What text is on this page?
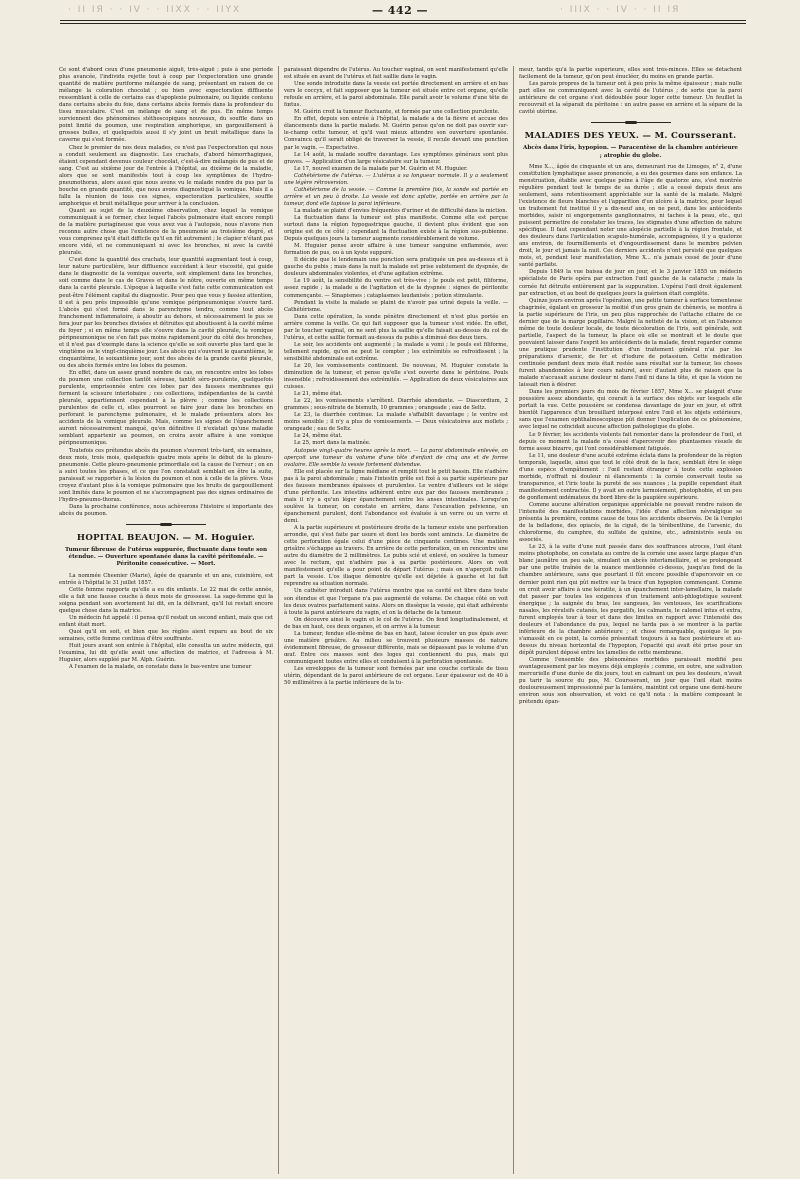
· II IЯ · · IV · · IIXX · · IIYX	· IIIX · · IV · · II IЯ
— 442 —

Ce sont d'abord ceux d'une pneumonie aiguë, très-aiguë ; puis à une période plus avancée, l'individu rejette tout à coup par l'expectoration une grande quantité de matière puriforme mélangée de sang, présentant en raison de ce mélange la coloration chocolat ; ou bien avec expectoration diffluente ressemblant à celle de certains cas d'apoplexie pulmonaire, ou liquide contenu dans certains abcès du foie, dans certains abcès formés dans la profondeur du tissu musculaire. C'est un mélange de sang et de pus. En même temps surviennent des phénomènes stéthoscopiques nouveaux, du souffle dans un point limité du poumon, une respiration amphorique, un gargouillement à grosses bulles, et quelquefois aussi il s'y joint un bruit métallique dans la caverne qui s'est formée.

Chez le premier de nos deux malades, ce n'est pas l'expectoration qui nous a conduit seulement au diagnostic. Les crachats, d'abord hémorrhagiques, étaient cependant devenus couleur chocolat, c'est-à-dire mélangés de pus et de sang. C'est au sixième jour de l'entrée à l'hôpital, au dixième de la maladie, alors que se sont manifestés tout à coup les symptômes de l'hydro-pneumothorax, alors aussi que nous avons vu le malade rendre du pus par la bouche en grande quantité, que nous avons diagnostiqué la vomique. Mais il a fallu la réunion de tous ces signes, expectoration particulière, souffle amphorique et bruit métallique pour arriver à la conclusion.

Quant au sujet de la deuxième observation, chez lequel la vomique communiquait à se former, chez lequel l'abcès pulmonaire était encore rempli de la matière puriagineuse que vous avez vue à l'autopsie, nous n'avons rien reconnu autre chose que l'existence de la pneumonie au troisième degré, et vous comprenez qu'il était difficile qu'il en fût autrement ; le clapier n'étant pas encore vidé, et ne communiquant ni avec les bronches, ni avec la cavité pleurale.

C'est donc la quantité des crachats, leur quantité augmentant tout à coup, leur nature particulière, leur diffluence succédant à leur viscosité, qui guide dans le diagnostic de la vomique ouverte, soit simplement dans les bronches, soit comme dans le cas de Graves et dans le nôtre, ouverte en même temps dans la cavité pleurale. L'époque à laquelle s'est faite cette communication est peut-être l'élément capital du diagnostic. Pour peu que vous y fassiez attention, il est à peu près impossible qu'une vomique péripneumonique s'ouvre tard. L'abcès qui s'est formé dans le parenchyme tendra, comme tout abcès franchement inflammatoire, à aboutir au dehors, et nécessairement le pus se fera jour par les bronches divisées et détruites qui aboutissent à la cavité même du foyer ; si en même temps elle s'ouvre dans la cavité pleurale, la vomique péripneumonique ne s'en fait pas moins rapidement jour du côté des bronches, et il n'est pas d'exemple dans la science qu'elle se soit ouverte plus tard que le vingtième ou le vingt-cinquième jour. Les abcès qui s'ouvrent le quarantième, le cinquantième, le soixantième jour, sont des abcès de la grande cavité pleurale, ou des abcès formés entre les lobes du poumon.

En effet, dans un assez grand nombre de cas, on rencontre entre les lobes du poumon une collection tantôt séreuse, tantôt séro-purulente, quelquefois purulente, emprisonnée entre ces lobes par des fausses membranes qui forment la scissure interlobaire ; ces collections, indépendantes de la cavité pleurale, appartiennent cependant à la plèvre ; comme les collections purulentes de celle ci, elles pourront se faire jour dans les bronches en perforant le parenchyme pulmonaire, et le malade présentera alors les accidents de la vomique pleurale. Mais, comme les signes de l'épanchement auront nécessairement manqué, qu'en définitive il n'existait qu'une maladie semblant appartenir au poumon, on croira avoir affaire à une vomique péripneumonique.

Toutefois ces prétendus abcès du poumon s'ouvrent très-tard, six semaines, deux mois, trois mois, quelquefois quatre mois après le début de la pleuro-pneumonie. Cette pleuro-pneumonie primordiale est la cause de l'erreur ; on en a suivi toutes les phases, et ce que l'on constatait semblait en être la suite, paraissait se rapporter à la lésion du poumon et non à celle de la plèvre. Vous croyez d'autant plus à la vomique pulmonaire que les bruits de gargouillement sont limités dans le poumon et ne s'accompagnent pas des signes ordinaires de l'hydro-pneumo-thorax.

Dans la prochaine conférence, nous achèverons l'histoire si importante des abcès du poumon.

HOPITAL BEAUJON. — M. Hoguier.
Tumeur fibreuse de l'utérus suppurée, fluctuante dans toute son étendue. — Ouverture spontanée dans la cavité péritonéale. — Péritonite consécutive. — Mort.

La nommée Cheenier (Marie), âgée de quarante et un ans, cuisinière, est entrée à l'hôpital le 31 juillet 1857.

Cette femme rapporte qu'elle a eu dix enfants. Le 22 mai de cette année, elle a fait une fausse couche à deux mois de grossesse. La sage-femme qui la soigna pendant son avortement lui dit, en la délivrant, qu'il lui restait encore quelque chose dans la matrice.

Un médecin fut appelé : il pensa qu'il restait un second enfant, mais que cet enfant était mort.

Quoi qu'il en soit, et bien que les règles aient reparu au bout de six semaines, cette femme continua d'être souffrante.

Huit jours avant son entrée à l'hôpital, elle consulta un autre médecin, qui l'examina, lui dit qu'elle avait une affection de matrice, et l'adressa à M. Huguier, alors suppléé par M. Alph. Guérin.

A l'examen de la malade, on constate dans le bas-ventre une tumeur

paraissant dépendre de l'utérus. Au toucher vaginal, on sent manifestement qu'elle est située en avant de l'utérus et fait saillie dans le vagin.

Une sonde introduite dans la vessie est portée directement en arrière et en bas vers le coccyx, et fait supposer que la tumeur est située entre cet organe, qu'elle refoule en arrière, et la paroi abdominale. Elle paraît avoir le volume d'une tête de fœtus.

M. Guérin croit la tumeur fluctuante, et formée par une collection purulente.

En effet, depuis son entrée à l'hôpital, la malade a de la fièvre et accuse des élancements dans la partie malade. M. Guérin pense qu'on ne doit pas ouvrir sur-le-champ cette tumeur, et qu'il vaut mieux attendre son ouverture spontanée. Convaincu qu'il serait obligé de traverser la vessie, il recule devant une ponction par le vagin. — Expectative.

Le 14 août, la malade souffre davantage. Les symptômes généraux sont plus graves. — Application d'un large vésicatoire sur la tumeur.

Le 17, nouvel examen de la malade par M. Guérin et M. Huguier.

Cathétérisme de l'utérus. — L'utérus a sa longueur normale. Il y a seulement une légère rétroversion.

Cathétérisme de la vessie. — Comme la première fois, la sonde est portée en arrière et un peu à droite. La vessie est donc aplatie, portée en arrière par la tumeur, dont elle tapisse la paroi inférieure.

La malade se plaint d'envies fréquentes d'uriner et de difficulté dans la miction.

La fluctuation dans la tumeur est plus manifeste. Comme elle est perçue surtout dans la région hypogastrique gauche, il devient plus évident que son origine est de ce côté ; cependant la fluctuation existe à la région sus-pubienne. Depuis quelques jours la tumeur augmente considérablement de volume.

M. Huguier pense avoir affaire à une tumeur sanguine enflammée, avec formation de pus, ou à un kyste suppuré.

Il décide que le lendemain une ponction sera pratiquée un peu au-dessus et à gauche du pubis ; mais dans la nuit la malade est prise subitement de dyspnée, de douleurs abdominales violentes, et d'une agitation extrême.

Le 19 août, la sensibilité du ventre est très-vive ; le pouls est petit, filiforme, assez rapide ; la malade a de l'agitation et de la dyspnée : signes de péritonite commençante. — Sinapismes ; cataplasmes laudanisés ; potion stimulante.

Pendant la visite la malade se plaint de n'avoir pas uriné depuis la veille. — Cathétérisme.

Dans cette opération, la sonde pénètre directement et n'est plus portée en arrière comme la veille. Ce qui fait supposer que la tumeur s'est vidée. En effet, par le toucher vaginal, on ne sent plus la saillie qu'elle faisait au-dessus du col de l'utérus, et cette saillie formait au-dessus du pubis a diminué des deux tiers.

Le soir, les accidents ont augmenté ; la malade a vomi ; le pouls est filiforme, tellement rapide, qu'on ne peut le compter ; les extrémités se refroidissent ; la sensibilité abdominale est extrême.

Le 20, les vomissements continuent. De nouveau, M. Huguier constate la diminution de la tumeur, et pense qu'elle s'est ouverte dans le péritoine. Pouls insensible ; refroidissement des extrémités. — Application de deux vésicatoires aux cuisses.

Le 21, même état.

Le 22, les vomissements s'arrêtent. Diarrhée abondante. — Diascordium, 2 grammes ; sous-nitrate de bismuth, 10 grammes ; orangeade ; eau de Seltz.

Le 23, la diarrhée continue. La malade s'affaiblit davantage ; le ventre est moins sensible ; il n'y a plus de vomissements. — Deux vésicatoires aux mollets ; orangeade ; eau de Seltz.

Le 24, même état.

Le 25, mort dans la matinée.

Autopsie vingt-quatre heures après la mort. — La paroi abdominale enlevée, on aperçoit une tumeur du volume d'une tête d'enfant de cinq ans et de forme ovalaire. Elle semble la vessie fortement distendue.

Elle est placée sur la ligne médiane et remplit tout le petit bassin. Elle n'adhère pas à la paroi abdominale ; mais l'intestin grêle est fixé à sa partie supérieure par des fausses membranes épaisses et purulentes. Le ventre d'ailleurs est le siége d'une péritonite. Les intestins adhèrent entre eux par des fausses membranes ; mais il n'y a qu'un léger épanchement entre les anses intestinales. Lorsqu'on soulève la tumeur, on constate en arrière, dans l'excavation pelvienne, un épanchement purulent, dont l'abondance est évaluée à un verre ou un verre et demi.

A la partie supérieure et postérieure droite de la tumeur existe une perforation arrondie, qui s'est faite par usure et dont les bords sont amincis. Le diamètre de cette perforation égale celui d'une pièce de cinquante centimes. Une matière grisâtre s'échappe au travers. En arrière de cette perforation, on en rencontre une autre du diamètre de 2 millimètres. Le pubis scié et enlevé, on soulève la tumeur avec le rectum, qui n'adhère pas à sa partie postérieure. Alors on voit manifestement qu'elle a pour point de départ l'utérus ; mais on n'aperçoit nulle part la vessie. L'os iliaque démontre qu'elle est déjetée à gauche et lui fait reprendre sa situation normale.

Un cathéter introduit dans l'utérus montre que sa cavité est libre dans toute son étendue et que l'organe n'a pas augmenté de volume. De chaque côté on voit les deux ovaires parfaitement sains. Alors on dissèque la vessie, qui était adhérente à toute la paroi antérieure du vagin, et on la détache de la tumeur.

On découvre ainsi le vagin et le col de l'utérus. On fend longitudinalement, et de bas en haut, ces deux organes, et on arrive à la tumeur.

La tumeur, fendue elle-même de bas en haut, laisse écouler un pus épais avec une matière grisâtre. Au milieu se trouvent plusieurs masses de nature évidemment fibreuse, de grosseur différente, mais se dépassant pas le volume d'un œuf. Entre ces masses sont des loges qui contiennent du pus, mais qui communiquent toutes entre elles et conduisent à la perforation spontanée.

Les enveloppes de la tumeur sont formées par une couche corticale de tissu utérin, dépendant de la paroi antérieure de cet organe. Leur épaisseur est de 40 à 50 millimètres à la partie inférieure de la tu-

meur, tandis qu'à la partie supérieure, elles sont très-minces. Elles se détachent facilement de la tumeur, qu'on peut énucléer, du moins en grande partie.

Les parois propres de la tumeur ont à peu près la même épaisseur ; mais nulle part elles ne communiquent avec la cavité de l'utérus ; de sorte que la paroi antérieure de cet organe s'est dédoublée pour loger cette tumeur. Un feuillet la recouvrait et la séparait du péritoine : un autre passe en arrière et la sépare de la cavité utérine.

MALADIES DES YEUX. — M. Coursserant.
Abcès dans l'iris, hypopion. — Paracentèse de la chambre antérieure ; atrophie du globe.

Mme X..., âgée de cinquante et un ans, demeurant rue de Limoges, n° 2, d'une constitution lymphatique assez prononcée, a eu des gourmes dans son enfance. La menstruation, établie avec quelque peine à l'âge de quatorze ans, s'est montrée régulière pendant tout le temps de sa durée ; elle a cessé depuis deux ans seulement, sans retentissement appréciable sur la santé de la malade. Malgré l'existence de fleurs blanches et l'apparition d'un ulcère à la matrice, pour lequel un traitement fut institué il y a dix-neuf ans, on ne peut, dans les antécédents morbides, saisir ni engorgements ganglionnaires, ni taches à la peau, etc., qui puissent permettre de constater les traces, les stigmates d'une affection de nature spécifique. Il faut cependant noter une alopécie partielle à la région frontale, et des douleurs dans l'articulation scapulo-humérale, accompagnées, il y a quatorze ans environ, de fourmillements et d'engourdissement dans le membre pelvien droit, le jour et jamais la nuit. Ces derniers accidents n'ont persisté que quelques mois, et, pendant leur manifestation, Mme X... n'a jamais cessé de jouir d'une santé parfaite.

Depuis 1849 la vue baissa de jour en jour, et le 3 janvier 1855 un médecin spécialiste de Paris opéra par extraction l'œil gauche de la cataracte ; mais la cornée fut détruite entièrement par la suppuration. L'opérai l'œil droit également par extraction, et au bout de quelques jours la guérison était complète.

Quinze jours environ après l'opération, une petite tumeur à surface tomenteuse chagrinée, égalant en grosseur la moitié d'un gros grain de chènevis, se montra à la partie supérieure de l'iris, un peu plus rapprochée de l'attache ciliaire de ce dernier que de la marge pupillaire. Malgré la netteté de la vision, et en l'absence même de toute douleur locale, de toute décoloration de l'iris, soit générale, soit partielle, l'aspect de la tumeur, la place où elle se montrait et le doute que pouvaient laisser dans l'esprit les antécédents de la malade, firent regarder comme une pratique prudente l'institution d'un traitement général n'ai par les préparations d'arsenic, de fer et d'iodure de potassium. Cette médication continuée pendant deux mois était restée sans résultat sur la tumeur, les choses furent abandonnées à leur cours naturel, avec d'autant plus de raison que la malade n'accusait aucune douleur ni dans l'œil ni dans la tête, et que la vision ne laissait rien à désirer.

Dans les premiers jours du mois de février 1857, Mme X... se plaignit d'une poussière assez abondante, qui courait à la surface des objets sur lesquels elle portait la vue. Cette poussière se condensa davantage de jour en jour, et offrit bientôt l'apparence d'un brouillard interposé entre l'œil et les objets extérieurs, sans que l'examen ophthalmoscopique pût donner l'explication de ce phénomène, avec lequel ne coïncidait aucune affection pathologique du globe.

Le 9 février, les accidents violents fait remonter dans la profondeur de l'œil, et depuis ce moment la malade n'a cessé d'apercevoir des phantasmes visuels de forme assez bizarre, qui l'ont considérablement fatiguée.

Le 11, une douleur d'une acuité extrême éclata dans la profondeur de la région temporale, laquelle, ainsi que tout le côté droit de la face, semblait être le siège d'une espèce d'empâtement : l'œil restant étranger à toute cette explosion morbide, n'offrait ni douleur ni élancements : la cornée conservait toute sa transparence, et l'iris toute la pureté de ses nuances ; la pupille cependant était manifestement contractée. Il y avait en outre larmoiement, photophobie, et un peu de gonflement œdémateux du bord libre de la paupière supérieure.

Comme aucune altération organique appréciable ne pouvait rendre raison de l'intensité des manifestations morbides, l'idée d'une affection névralgique se présenta la première, comme cause de tous les accidents observés. De là l'emploi de la belladone, des opiacés, de la ciguë, de la térébenthine, de l'arsenic, du chloroforme, du camphre, du sulfate de quinine, etc., administrés seuls ou associés.

Le 23, à la suite d'une nuit passée dans des souffrances atroces, l'œil étant moins photophobe, on constata au centre de la cornée une assez large plaque d'un blanc jaunâtre un peu sale, simulant un abcès interlamellaire, et se prolongeant par une petite traînée de la nuance mentionnée ci-dessus, jusqu'au fond de la chambre antérieure, sans que pourtant il fût encore possible d'apercevoir en ce dernier point rien qui pût mettre sur la trace d'un hypopion commençant. Comme on croit avoir affaire à une kératite, à un épanchement inter-lamellaire, la malade dut passer par toutes les exigences d'un traitement anti-phlogistique souvent énergique ; la saignée du bras, les sangsues, les ventouses, les scarifications nasales, les révulsifs cutanés, les purgatifs, les calmants, le calomel intus et extra, furent employés tour à tour et dans des limites en rapport avec l'intensité des douleurs et l'abondance du pus, lequel ne tarda pas à se montrer à la partie inférieure de la chambre antérieure ; et chose remarquable, quoique le pus s'amassât en ce point, la cornée présentait toujours à sa face postérieure et au-dessus du niveau horizontal de l'hypopion, l'opacité qui avait été prise pour un dépôt purulent déposé entre les lamelles de cette membrane.

Comme l'ensemble des phénomènes morbides paraissait modifié peu avantageusement par les moyens déjà employés ; comme, en outre, une salivation mercurielle d'une durée de dix jours, tout en calmant un peu les douleurs, n'avait pu tarir la source du pus, M. Coursserant, un jour que l'œil était moins douloureusement impressionné par la lumière, maintint cet organe une demi-heure environ sous son observation, et voici ce qu'il nota : la matière composant le prétendu épan-
